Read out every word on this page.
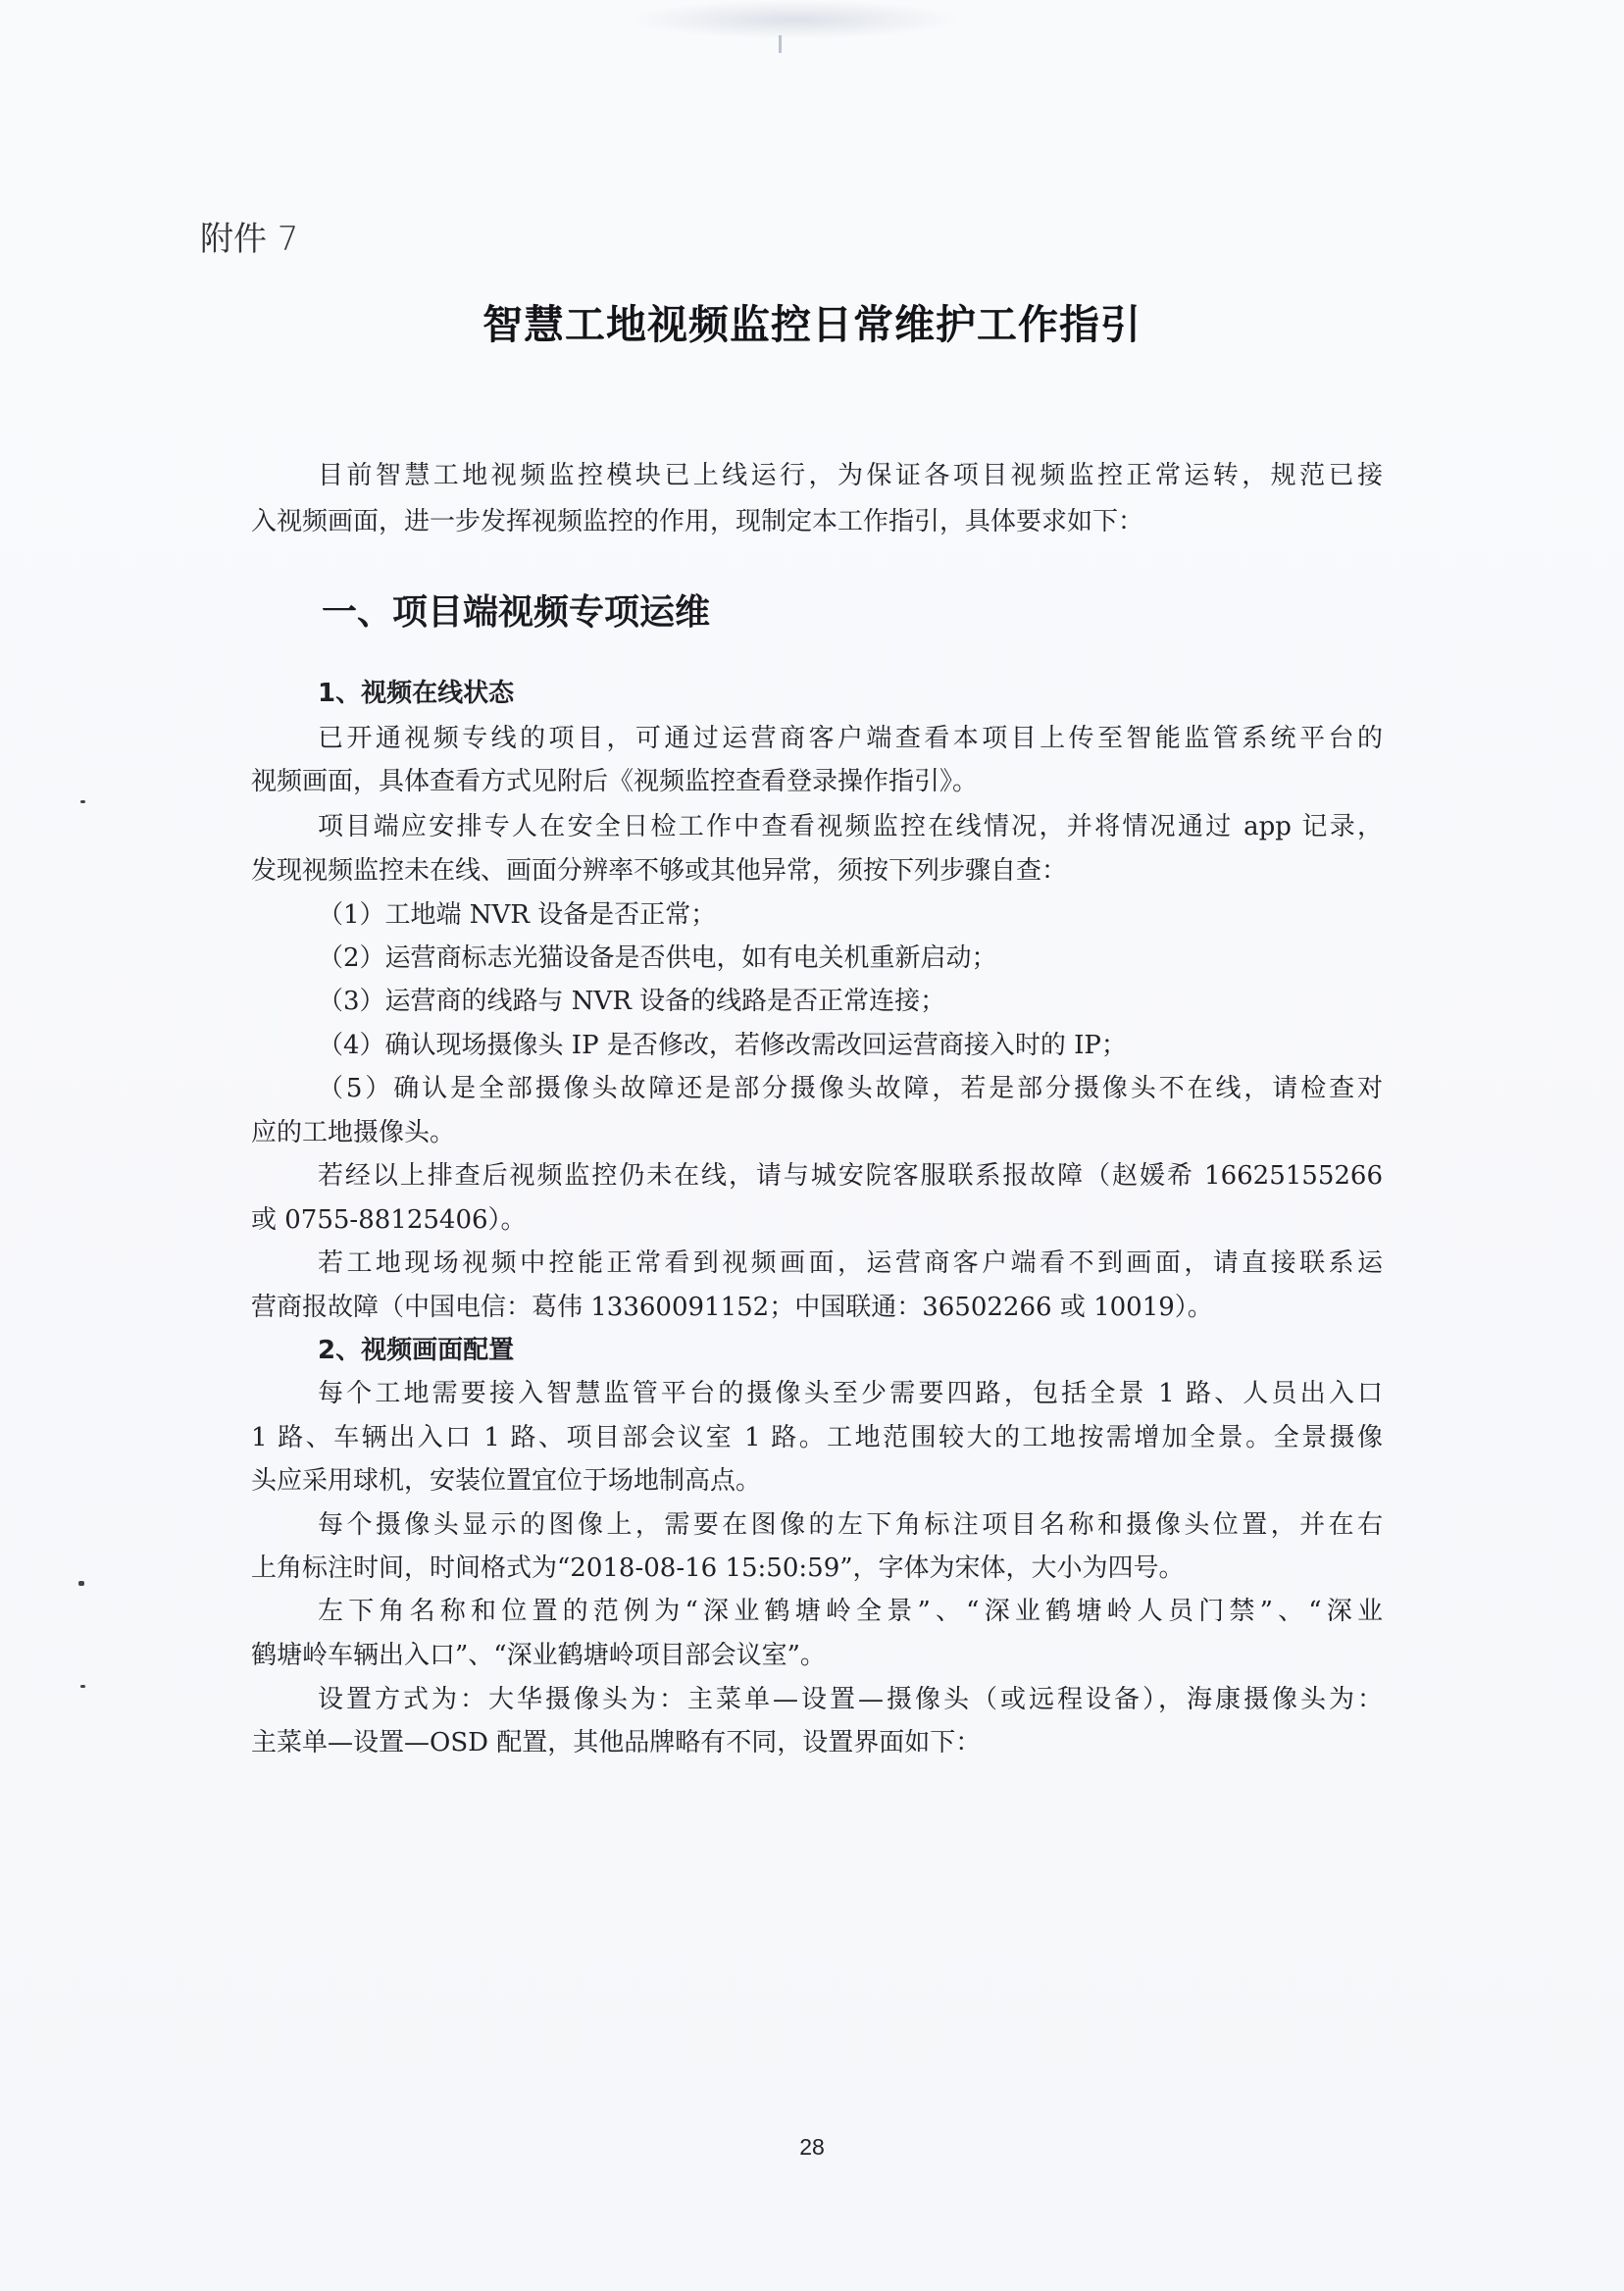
附件 7

智慧工地视频监控日常维护工作指引

目前智慧工地视频监控模块已上线运行，为保证各项目视频监控正常运转，规范已接

入视频画面，进一步发挥视频监控的作用，现制定本工作指引，具体要求如下：

一、项目端视频专项运维

1、视频在线状态

已开通视频专线的项目，可通过运营商客户端查看本项目上传至智能监管系统平台的

视频画面，具体查看方式见附后《视频监控查看登录操作指引》。

项目端应安排专人在安全日检工作中查看视频监控在线情况，并将情况通过 app 记录，

发现视频监控未在线、画面分辨率不够或其他异常，须按下列步骤自查：

（1）工地端 NVR 设备是否正常；

（2）运营商标志光猫设备是否供电，如有电关机重新启动；

（3）运营商的线路与 NVR 设备的线路是否正常连接；

（4）确认现场摄像头 IP 是否修改，若修改需改回运营商接入时的 IP；

（5）确认是全部摄像头故障还是部分摄像头故障，若是部分摄像头不在线，请检查对

应的工地摄像头。

若经以上排查后视频监控仍未在线，请与城安院客服联系报故障（赵媛希 16625155266

或 0755-88125406）。

若工地现场视频中控能正常看到视频画面，运营商客户端看不到画面，请直接联系运

营商报故障（中国电信：葛伟 13360091152；中国联通：36502266 或 10019）。

2、视频画面配置

每个工地需要接入智慧监管平台的摄像头至少需要四路，包括全景 1 路、人员出入口

1 路、车辆出入口 1 路、项目部会议室 1 路。工地范围较大的工地按需增加全景。全景摄像

头应采用球机，安装位置宜位于场地制高点。

每个摄像头显示的图像上，需要在图像的左下角标注项目名称和摄像头位置，并在右

上角标注时间，时间格式为“2018-08-16 15:50:59”，字体为宋体，大小为四号。

左下角名称和位置的范例为“深业鹤塘岭全景”、“深业鹤塘岭人员门禁”、“深业

鹤塘岭车辆出入口”、“深业鹤塘岭项目部会议室”。

设置方式为：大华摄像头为：主菜单—设置—摄像头（或远程设备），海康摄像头为：

主菜单—设置—OSD 配置，其他品牌略有不同，设置界面如下：

28
